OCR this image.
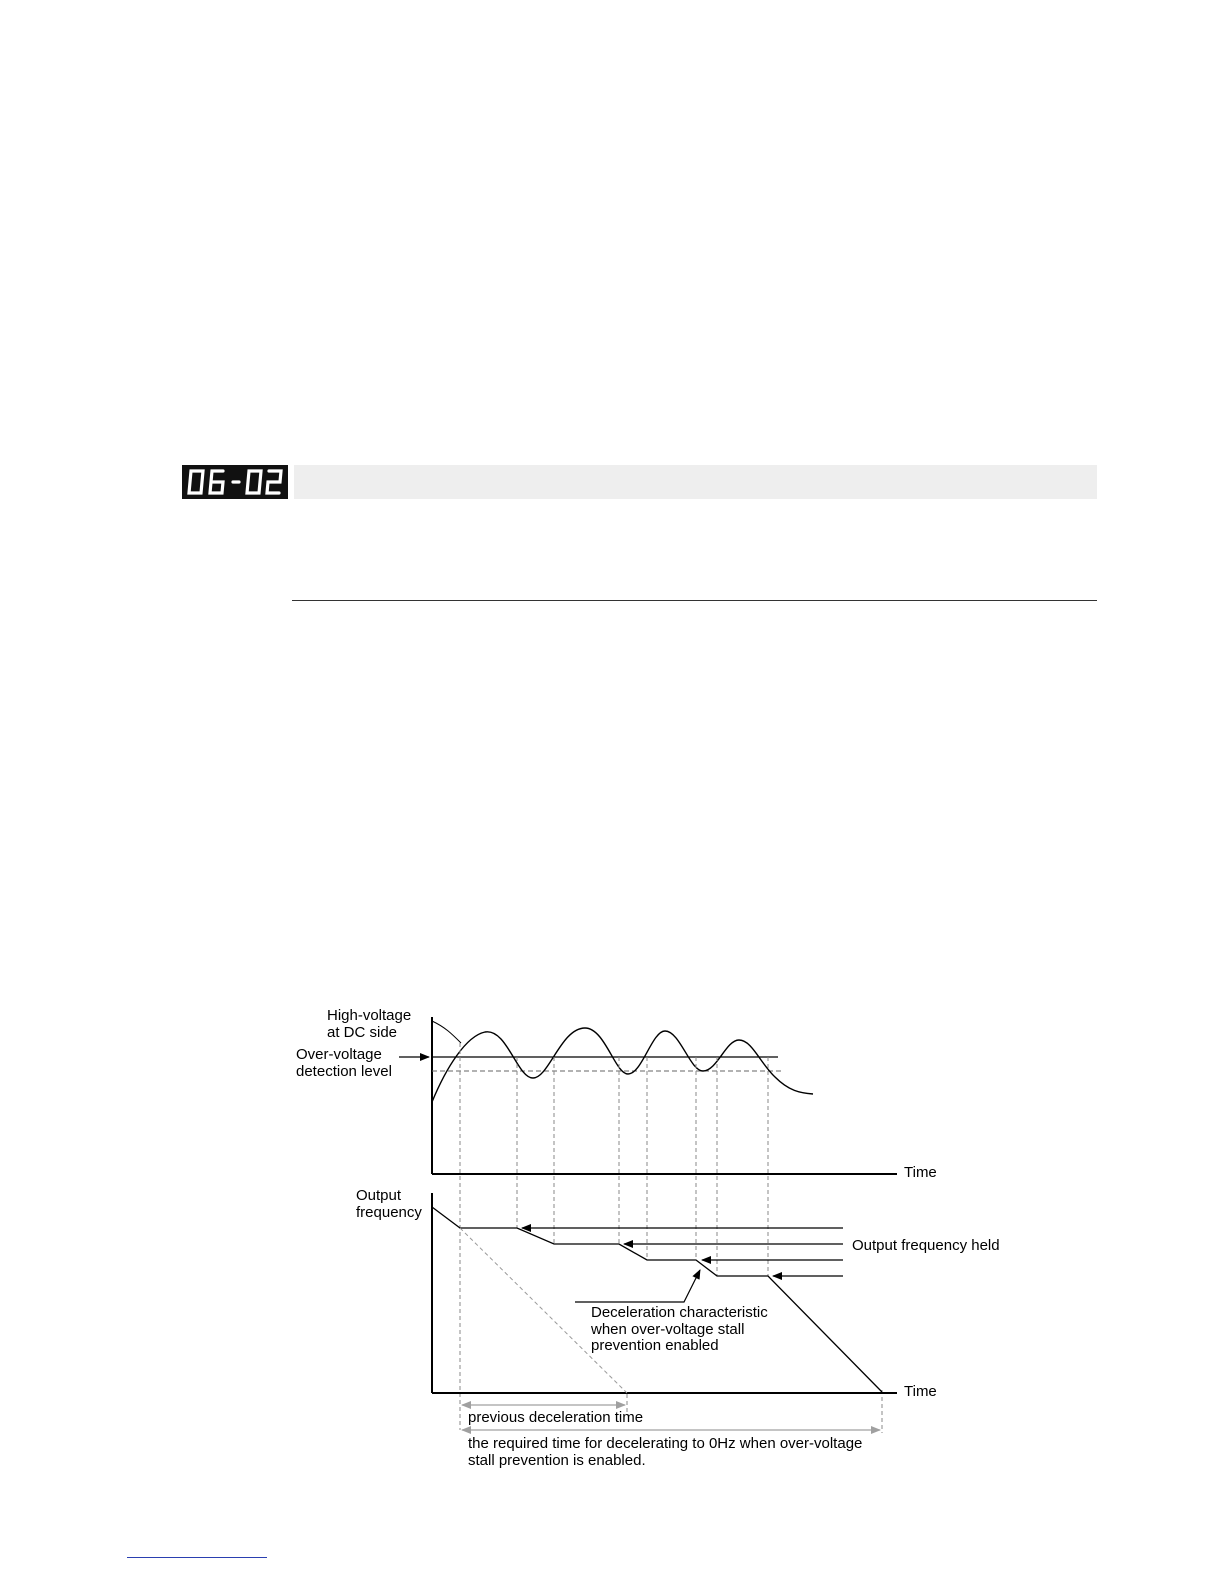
High-voltage
at DC side
Over-voltage
detection level
Time
Output
frequency
Output frequency held
Deceleration characteristic
when over-voltage stall
prevention enabled
Time
previous deceleration time
the required time for decelerating to 0Hz when over-voltage
stall prevention is enabled.
